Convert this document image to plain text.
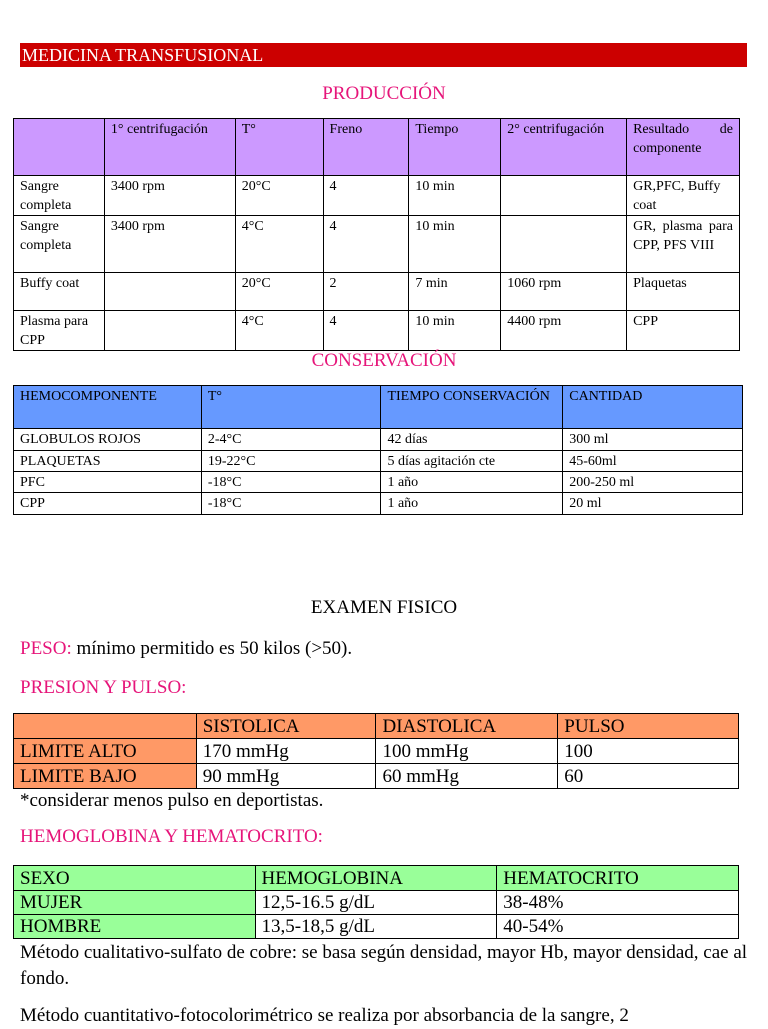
MEDICINA TRANSFUSIONAL
PRODUCCIÓN
	1° centrifugación	T°	Freno	Tiempo	2° centrifugación	Resultado de componente
Sangre completa	3400 rpm	20°C	4	10 min		GR,PFC, Buffy coat
Sangre completa	3400 rpm	4°C	4	10 min		GR, plasma para CPP, PFS VIII
Buffy coat		20°C	2	7 min	1060 rpm	Plaquetas
Plasma para CPP		4°C	4	10 min	4400 rpm	CPP
CONSERVACIÓN
HEMOCOMPONENTE	T°	TIEMPO CONSERVACIÓN	CANTIDAD
GLOBULOS ROJOS	2-4°C	42 días	300 ml
PLAQUETAS	19-22°C	5 días agitación cte	45-60ml
PFC	-18°C	1 año	200-250 ml
CPP	-18°C	1 año	20 ml
EXAMEN FISICO
PESO: mínimo permitido es 50 kilos (>50).
PRESION Y PULSO:
	SISTOLICA	DIASTOLICA	PULSO
LIMITE ALTO	170 mmHg	100 mmHg	100
LIMITE BAJO	90 mmHg	60 mmHg	60
*considerar menos pulso en deportistas.
HEMOGLOBINA Y HEMATOCRITO:
SEXO	HEMOGLOBINA	HEMATOCRITO
MUJER	12,5-16.5 g/dL	38-48%
HOMBRE	13,5-18,5 g/dL	40-54%
Método cualitativo-sulfato de cobre: se basa según densidad, mayor Hb, mayor densidad, cae al fondo.
Método cuantitativo-fotocolorimétrico se realiza por absorbancia de la sangre, 2
